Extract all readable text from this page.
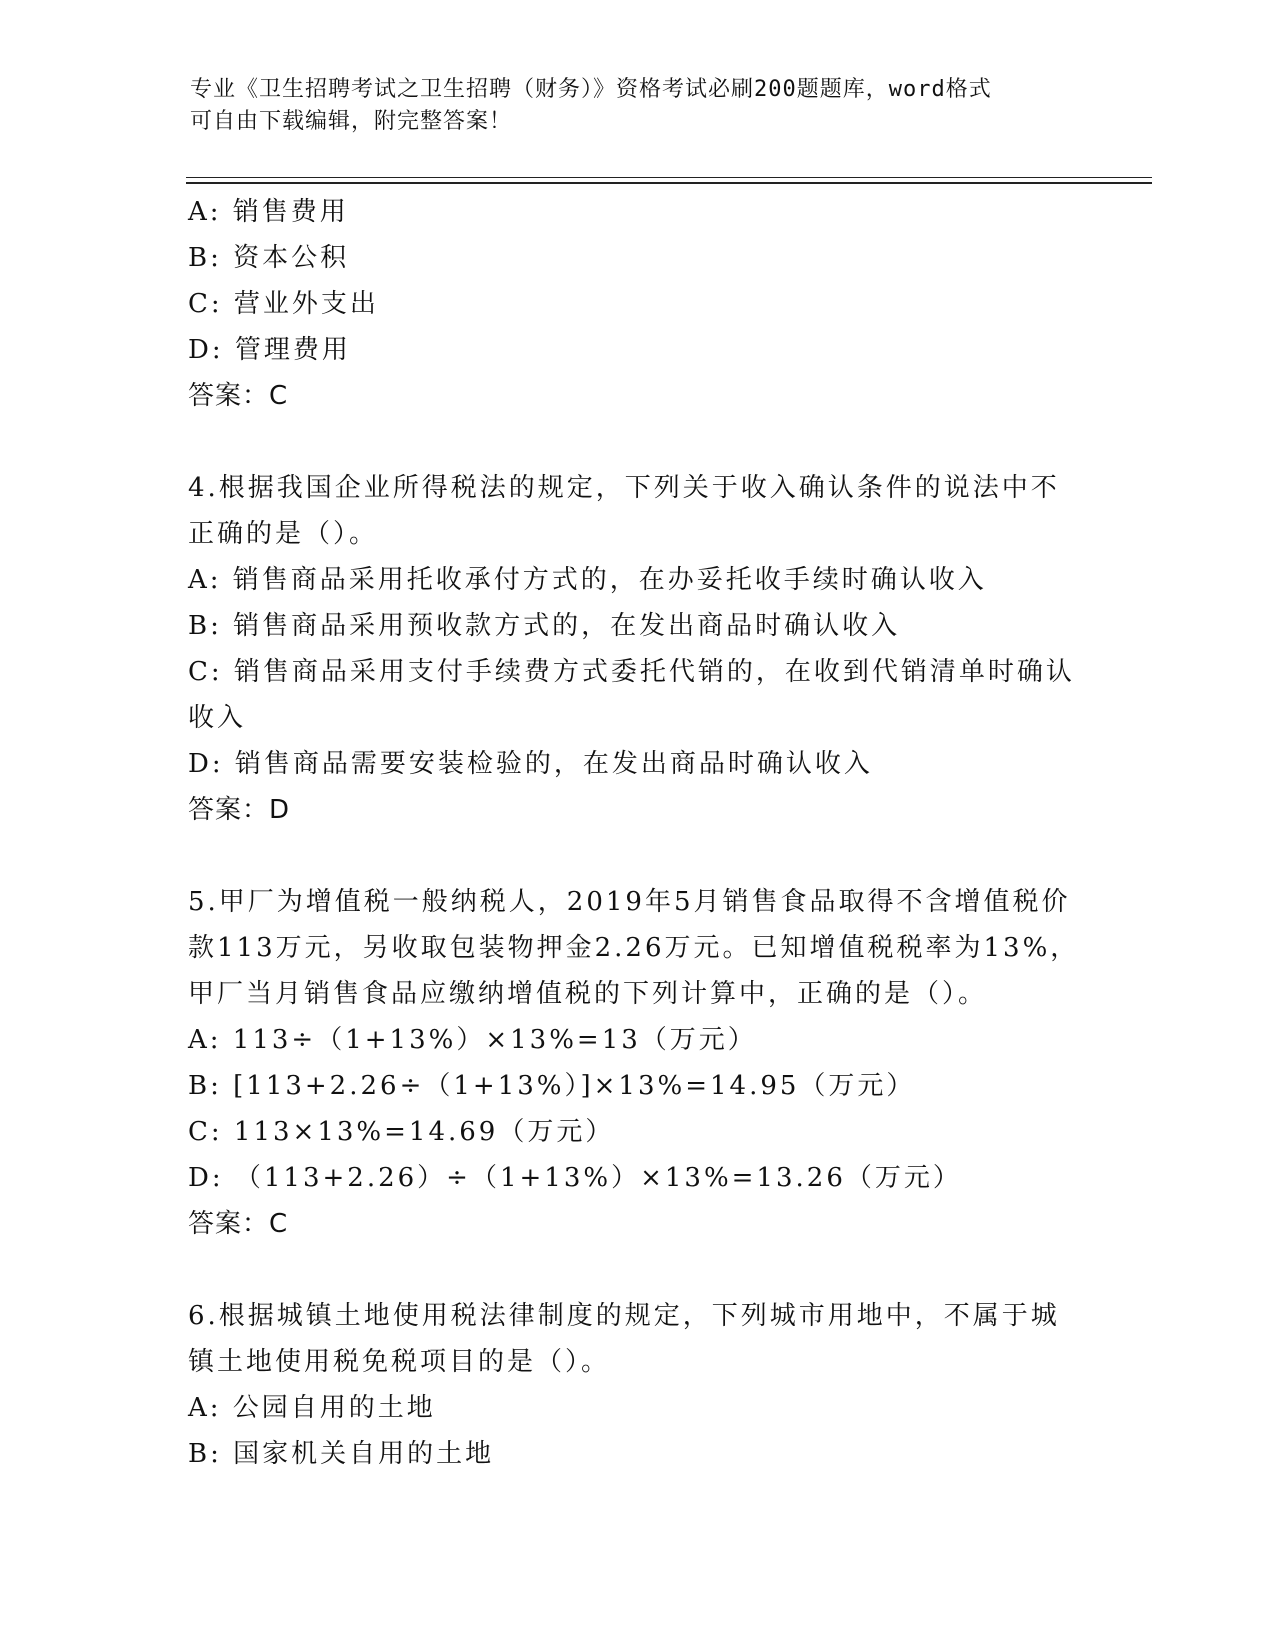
专业《卫生招聘考试之卫生招聘（财务）》资格考试必刷200题题库，word格式
可自由下载编辑，附完整答案！
A: 销售费用
B: 资本公积
C: 营业外支出
D: 管理费用
答案：C
4.根据我国企业所得税法的规定，下列关于收入确认条件的说法中不
正确的是（）。
A: 销售商品采用托收承付方式的，在办妥托收手续时确认收入
B: 销售商品采用预收款方式的，在发出商品时确认收入
C: 销售商品采用支付手续费方式委托代销的，在收到代销清单时确认
收入
D: 销售商品需要安装检验的，在发出商品时确认收入
答案：D
5.甲厂为增值税一般纳税人，2019年5月销售食品取得不含增值税价
款113万元，另收取包装物押金2.26万元。已知增值税税率为13%，
甲厂当月销售食品应缴纳增值税的下列计算中，正确的是（）。
A: 113÷（1+13%）×13%=13（万元）
B: [113+2.26÷（1+13%）]×13%=14.95（万元）
C: 113×13%=14.69（万元）
D: （113+2.26）÷（1+13%）×13%=13.26（万元）
答案：C
6.根据城镇土地使用税法律制度的规定，下列城市用地中，不属于城
镇土地使用税免税项目的是（）。
A: 公园自用的土地
B: 国家机关自用的土地
